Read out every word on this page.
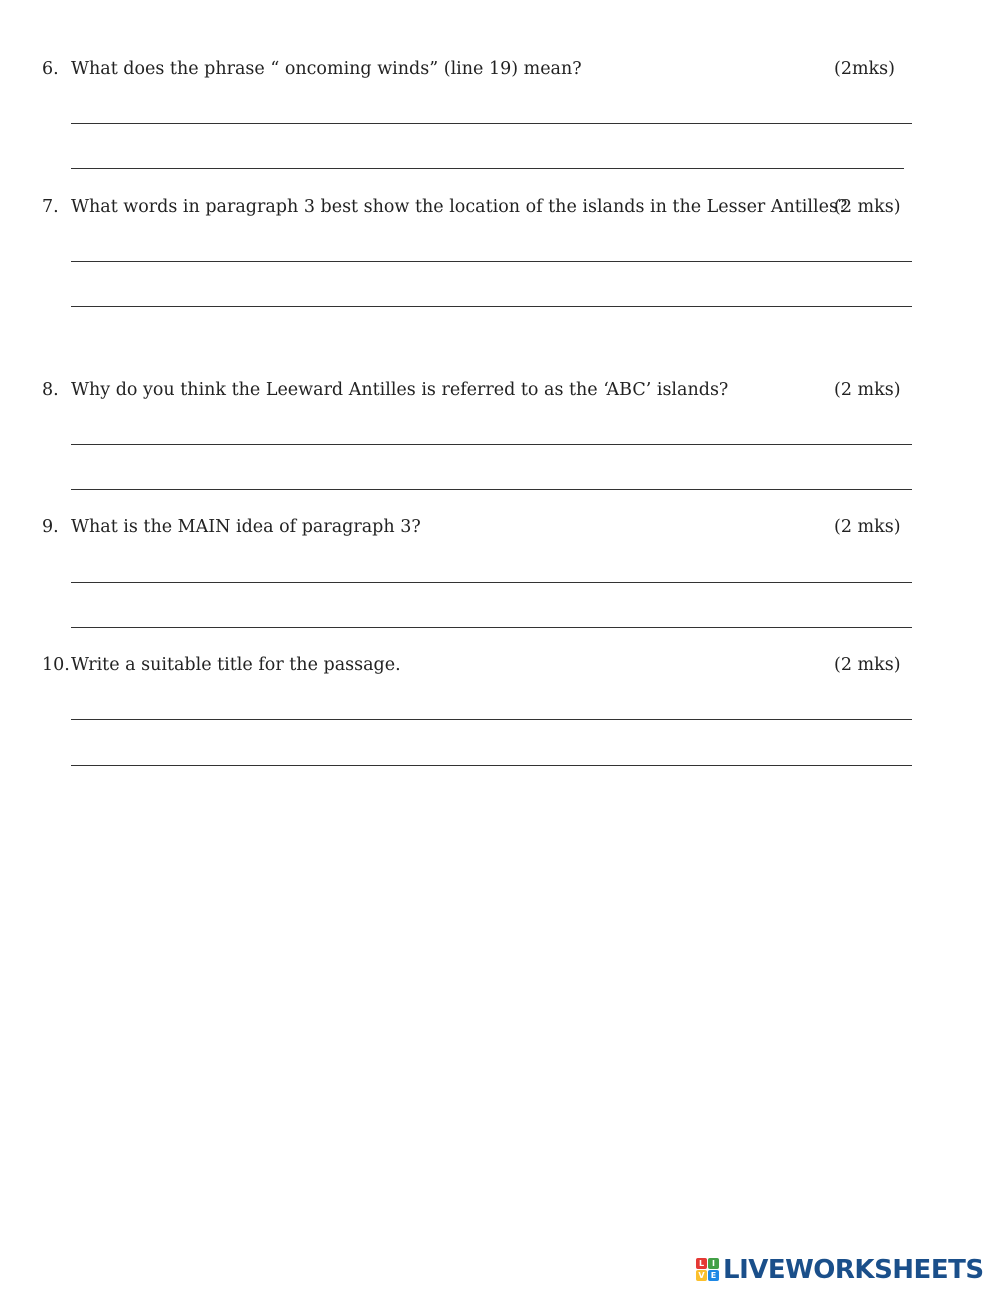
6. What does the phrase “ oncoming winds” (line 19) mean?	(2mks)
7. What words in paragraph 3 best show the location of the islands in the Lesser Antilles?
(2 mks)
8. Why do you think the Leeward Antilles is referred to as the ‘ABC’ islands?	(2 mks)
9. What is the MAIN idea of paragraph 3?	(2 mks)
10. Write a suitable title for the passage.	(2 mks)
L I
V E LIVEWORKSHEETS
